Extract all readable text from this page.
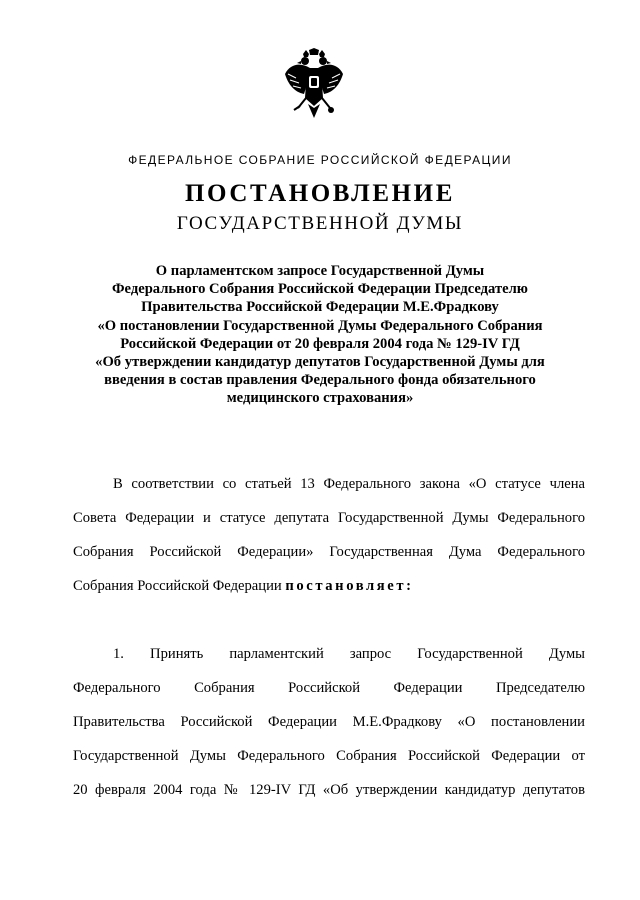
ФЕДЕРАЛЬНОЕ СОБРАНИЕ РОССИЙСКОЙ ФЕДЕРАЦИИ
ПОСТАНОВЛЕНИЕ
ГОСУДАРСТВЕННОЙ ДУМЫ
О парламентском запросе Государственной Думы
Федерального Собрания Российской Федерации Председателю
Правительства Российской Федерации М.Е.Фрадкову
«О постановлении Государственной Думы Федерального Собрания
Российской Федерации от 20 февраля 2004 года № 129-IV ГД
«Об утверждении кандидатур депутатов Государственной Думы для
введения в состав правления Федерального фонда обязательного
медицинского страхования»
В соответствии со статьей 13 Федерального закона «О статусе члена
Совета Федерации и статусе депутата Государственной Думы Федерального
Собрания Российской Федерации» Государственная Дума Федерального
Собрания Российской Федерации постановляет:
1. Принять парламентский запрос Государственной Думы
Федерального Собрания Российской Федерации Председателю
Правительства Российской Федерации М.Е.Фрадкову «О постановлении
Государственной Думы Федерального Собрания Российской Федерации от
20 февраля 2004 года № 129-IV ГД «Об утверждении кандидатур депутатов
